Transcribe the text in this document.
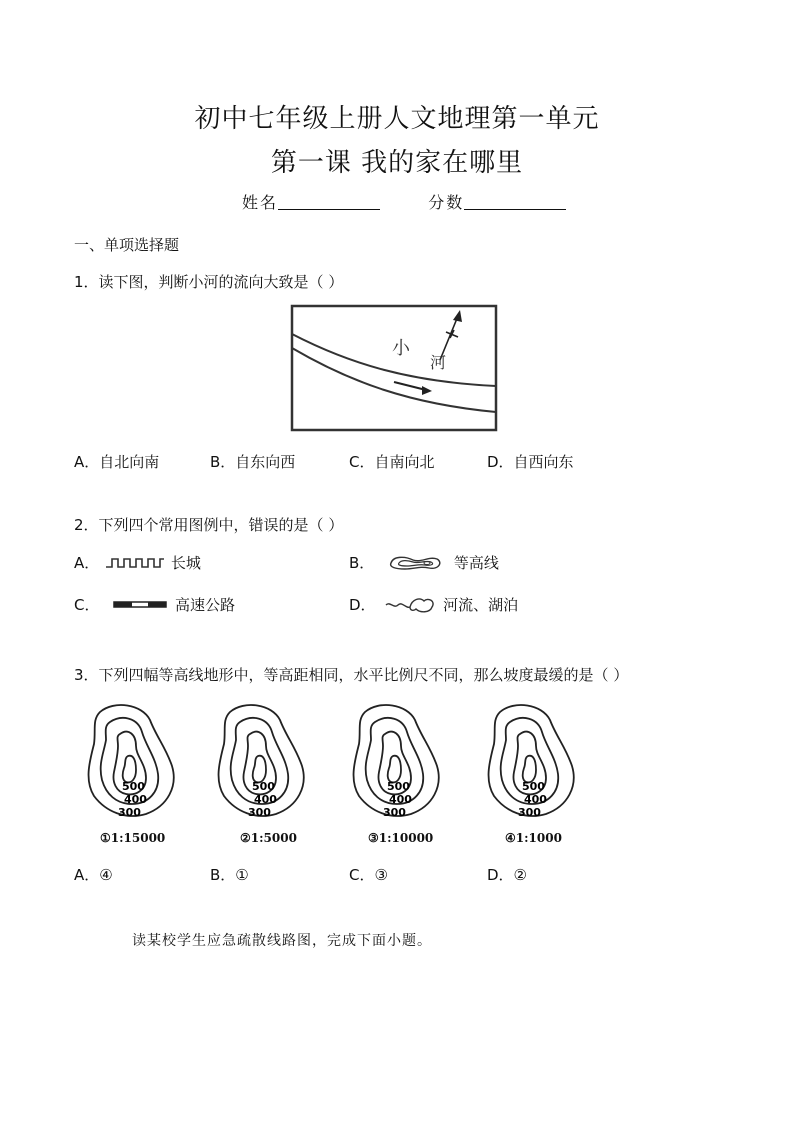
初中七年级上册人文地理第一单元
第一课 我的家在哪里
姓名	分数
一、单项选择题
1．读下图，判断小河的流向大致是（ ）
小
河
A．自北向南	B．自东向西	C．自南向北	D．自西向东
2．下列四个常用图例中，错误的是（ ）
A．	长城	B．	等高线
C．	高速公路	D．	河流、湖泊
3．下列四幅等高线地形中，等高距相同，水平比例尺不同，那么坡度最缓的是（ ）
500
400
300
500
400
300
500
400
300
500
400
300
①1:15000	②1:5000	③1:10000	④1:1000
A．④	B．①	C．③	D．②
读某校学生应急疏散线路图，完成下面小题。
